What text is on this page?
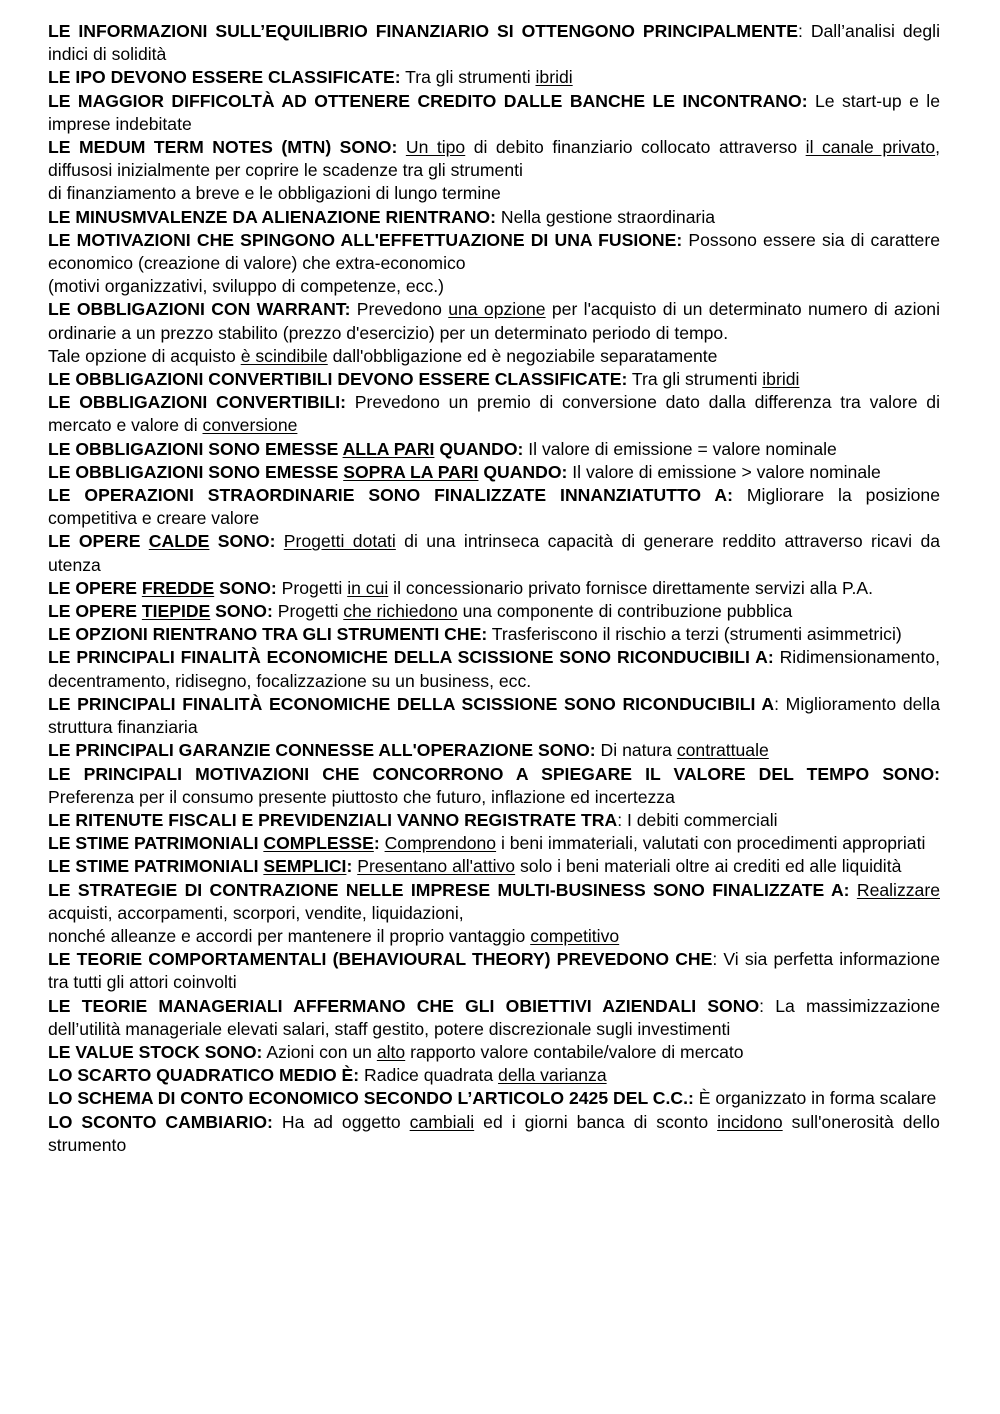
LE INFORMAZIONI SULL’EQUILIBRIO FINANZIARIO SI OTTENGONO PRINCIPALMENTE: Dall’analisi degli indici di solidità

LE IPO DEVONO ESSERE CLASSIFICATE: Tra gli strumenti ibridi

LE MAGGIOR DIFFICOLTÀ AD OTTENERE CREDITO DALLE BANCHE LE INCONTRANO: Le start-up e le imprese indebitate

LE MEDUM TERM NOTES (MTN) SONO: Un tipo di debito finanziario collocato attraverso il canale privato, diffusosi inizialmente per coprire le scadenze tra gli strumenti
di finanziamento a breve e le obbligazioni di lungo termine

LE MINUSMVALENZE DA ALIENAZIONE RIENTRANO: Nella gestione straordinaria

LE MOTIVAZIONI CHE SPINGONO ALL'EFFETTUAZIONE DI UNA FUSIONE: Possono essere sia di carattere economico (creazione di valore) che extra-economico
(motivi organizzativi, sviluppo di competenze, ecc.)

LE OBBLIGAZIONI CON WARRANT: Prevedono una opzione per l'acquisto di un determinato numero di azioni ordinarie a un prezzo stabilito (prezzo d'esercizio) per un determinato periodo di tempo.
Tale opzione di acquisto è scindibile dall'obbligazione ed è negoziabile separatamente

LE OBBLIGAZIONI CONVERTIBILI DEVONO ESSERE CLASSIFICATE: Tra gli strumenti ibridi

LE OBBLIGAZIONI CONVERTIBILI: Prevedono un premio di conversione dato dalla differenza tra valore di mercato e valore di conversione

LE OBBLIGAZIONI SONO EMESSE ALLA PARI QUANDO: Il valore di emissione = valore nominale

LE OBBLIGAZIONI SONO EMESSE SOPRA LA PARI QUANDO: Il valore di emissione > valore nominale

LE OPERAZIONI STRAORDINARIE SONO FINALIZZATE INNANZIATUTTO A: Migliorare la posizione competitiva e creare valore

LE OPERE CALDE SONO: Progetti dotati di una intrinseca capacità di generare reddito attraverso ricavi da utenza

LE OPERE FREDDE SONO: Progetti in cui il concessionario privato fornisce direttamente servizi alla P.A.

LE OPERE TIEPIDE SONO: Progetti che richiedono una componente di contribuzione pubblica

LE OPZIONI RIENTRANO TRA GLI STRUMENTI CHE: Trasferiscono il rischio a terzi (strumenti asimmetrici)

LE PRINCIPALI FINALITÀ ECONOMICHE DELLA SCISSIONE SONO RICONDUCIBILI A: Ridimensionamento, decentramento, ridisegno, focalizzazione su un business, ecc.

LE PRINCIPALI FINALITÀ ECONOMICHE DELLA SCISSIONE SONO RICONDUCIBILI A: Miglioramento della struttura finanziaria

LE PRINCIPALI GARANZIE CONNESSE ALL'OPERAZIONE SONO: Di natura contrattuale

LE PRINCIPALI MOTIVAZIONI CHE CONCORRONO A SPIEGARE IL VALORE DEL TEMPO SONO: Preferenza per il consumo presente piuttosto che futuro, inflazione ed incertezza

LE RITENUTE FISCALI E PREVIDENZIALI VANNO REGISTRATE TRA: I debiti commerciali

LE STIME PATRIMONIALI COMPLESSE: Comprendono i beni immateriali, valutati con procedimenti appropriati

LE STIME PATRIMONIALI SEMPLICI: Presentano all'attivo solo i beni materiali oltre ai crediti ed alle liquidità

LE STRATEGIE DI CONTRAZIONE NELLE IMPRESE MULTI-BUSINESS SONO FINALIZZATE A: Realizzare acquisti, accorpamenti, scorpori, vendite, liquidazioni,
nonché alleanze e accordi per mantenere il proprio vantaggio competitivo

LE TEORIE COMPORTAMENTALI (BEHAVIOURAL THEORY) PREVEDONO CHE: Vi sia perfetta informazione tra tutti gli attori coinvolti

LE TEORIE MANAGERIALI AFFERMANO CHE GLI OBIETTIVI AZIENDALI SONO: La massimizzazione dell’utilità manageriale elevati salari, staff gestito, potere discrezionale sugli investimenti

LE VALUE STOCK SONO: Azioni con un alto rapporto valore contabile/valore di mercato

LO SCARTO QUADRATICO MEDIO È: Radice quadrata della varianza

LO SCHEMA DI CONTO ECONOMICO SECONDO L’ARTICOLO 2425 DEL C.C.: È organizzato in forma scalare

LO SCONTO CAMBIARIO: Ha ad oggetto cambiali ed i giorni banca di sconto incidono sull'onerosità dello strumento
